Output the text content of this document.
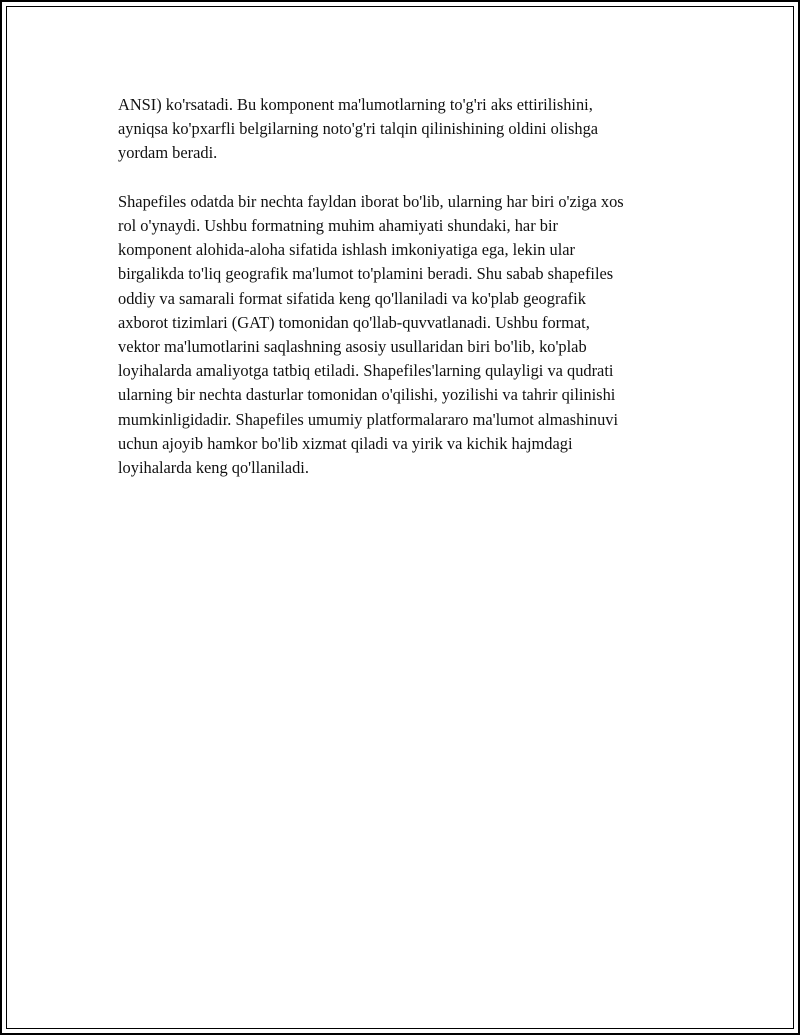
ANSI) ko'rsatadi. Bu komponent ma'lumotlarning to'g'ri aks ettirilishini,
ayniqsa ko'pxarfli belgilarning noto'g'ri talqin qilinishining oldini olishga
yordam beradi.

Shapefiles odatda bir nechta fayldan iborat bo'lib, ularning har biri o'ziga xos
rol o'ynaydi. Ushbu formatning muhim ahamiyati shundaki, har bir
komponent alohida-aloha sifatida ishlash imkoniyatiga ega, lekin ular
birgalikda to'liq geografik ma'lumot to'plamini beradi. Shu sabab shapefiles
oddiy va samarali format sifatida keng qo'llaniladi va ko'plab geografik
axborot tizimlari (GAT) tomonidan qo'llab-quvvatlanadi. Ushbu format,
vektor ma'lumotlarini saqlashning asosiy usullaridan biri bo'lib, ko'plab
loyihalarda amaliyotga tatbiq etiladi. Shapefiles'larning qulayligi va qudrati
ularning bir nechta dasturlar tomonidan o'qilishi, yozilishi va tahrir qilinishi
mumkinligidadir. Shapefiles umumiy platformalararo ma'lumot almashinuvi
uchun ajoyib hamkor bo'lib xizmat qiladi va yirik va kichik hajmdagi
loyihalarda keng qo'llaniladi.
